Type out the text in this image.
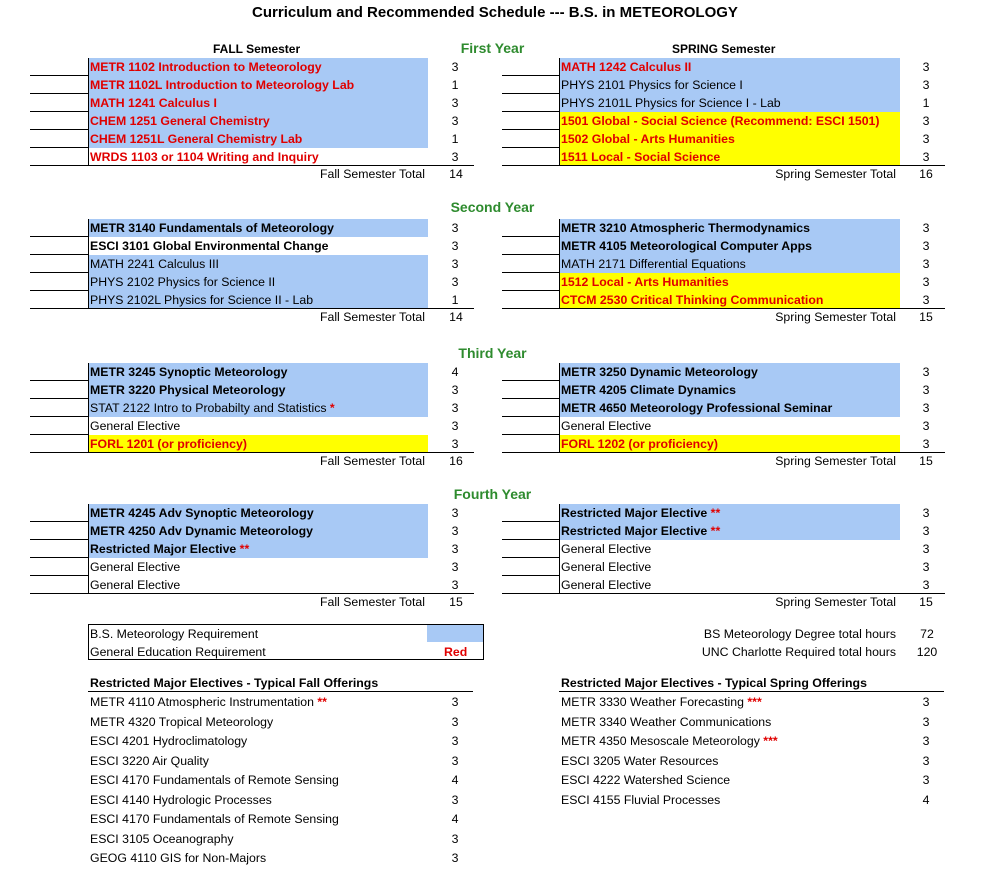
Curriculum and Recommended Schedule --- B.S. in METEOROLOGY
FALL Semester	SPRING Semester
B.S. Meteorology Requirement
General Education Requirement	Red
Restricted Major Electives - Typical Fall Offerings	Restricted Major Electives - Typical Spring Offerings
First Year
METR 1102 Introduction to Meteorology	3
METR 1102L Introduction to Meteorology Lab	1
MATH 1241 Calculus I	3
CHEM 1251 General Chemistry	3
CHEM 1251L General Chemistry Lab	1
WRDS 1103 or 1104 Writing and Inquiry	3
MATH 1242 Calculus II	3
PHYS 2101 Physics for Science I	3
PHYS 2101L Physics for Science I - Lab	1
1501 Global - Social Science (Recommend: ESCI 1501)	3
1502 Global - Arts Humanities	3
1511 Local - Social Science	3
Fall Semester Total 14	Spring Semester Total 16
Second Year
METR 3140 Fundamentals of Meteorology	3
ESCI 3101 Global Environmental Change	3
MATH 2241 Calculus III	3
PHYS 2102 Physics for Science II	3
PHYS 2102L Physics for Science II - Lab	1
METR 3210 Atmospheric Thermodynamics	3
METR 4105 Meteorological Computer Apps	3
MATH 2171 Differential Equations	3
1512 Local - Arts Humanities	3
CTCM 2530 Critical Thinking Communication	3
Fall Semester Total 14	Spring Semester Total 15
Third Year
METR 3245 Synoptic Meteorology	4
METR 3220 Physical Meteorology	3
STAT 2122 Intro to Probabilty and Statistics *	3
General Elective	3
FORL 1201 (or proficiency)	3
METR 3250 Dynamic Meteorology	3
METR 4205 Climate Dynamics	3
METR 4650 Meteorology Professional Seminar	3
General Elective	3
FORL 1202 (or proficiency)	3
Fall Semester Total 16	Spring Semester Total 15
Fourth Year
METR 4245 Adv Synoptic Meteorology	3
METR 4250 Adv Dynamic Meteorology	3
Restricted Major Elective **	3
General Elective	3
General Elective	3
Restricted Major Elective **	3
Restricted Major Elective **	3
General Elective	3
General Elective	3
General Elective	3
Fall Semester Total 15	Spring Semester Total 15
BS Meteorology Degree total hours	72
UNC Charlotte Required total hours 120
METR 4110 Atmospheric Instrumentation **	3
METR 4320 Tropical Meteorology	3
ESCI 4201 Hydroclimatology	3
ESCI 3220 Air Quality	3
ESCI 4170 Fundamentals of Remote Sensing	4
ESCI 4140 Hydrologic Processes	3
ESCI 4170 Fundamentals of Remote Sensing	4
ESCI 3105 Oceanography	3
GEOG 4110 GIS for Non-Majors	3
METR 3330 Weather Forecasting ***	3
METR 3340 Weather Communications	3
METR 4350 Mesoscale Meteorology ***	3
ESCI 3205 Water Resources	3
ESCI 4222 Watershed Science	3
ESCI 4155 Fluvial Processes	4
